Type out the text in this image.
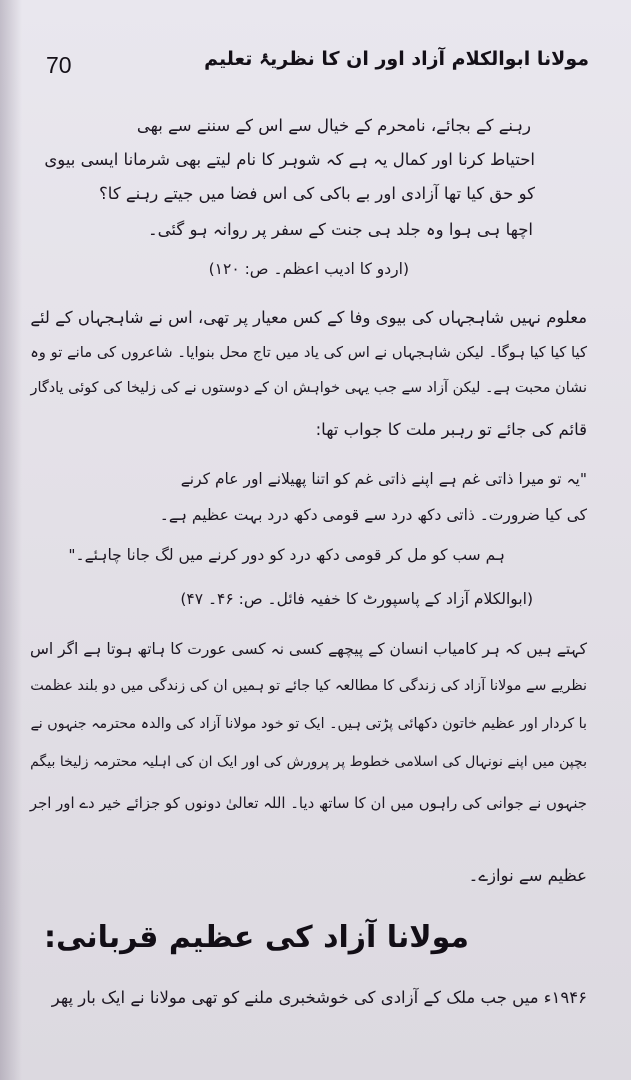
70	مولانا ابوالکلام آزاد اور ان کا نظریۂ تعلیم
رہنے کے بجائے، نامحرم کے خیال سے اس کے سننے سے بھی
احتیاط کرنا اور کمال یہ ہے کہ شوہر کا نام لیتے بھی شرمانا ایسی بیوی
کو حق کیا تھا آزادی اور بے باکی کی اس فضا میں جیتے رہنے کا؟
اچھا ہی ہوا وہ جلد ہی جنت کے سفر پر روانہ ہو گئی۔
(اردو کا ادیب اعظم۔ ص: ۱۲۰)
معلوم نہیں شاہجہاں کی بیوی وفا کے کس معیار پر تھی، اس نے شاہجہاں کے لئے
کیا کیا کیا ہوگا۔ لیکن شاہجہاں نے اس کی یاد میں تاج محل بنوایا۔ شاعروں کی مانے تو وہ
نشان محبت ہے۔ لیکن آزاد سے جب یہی خواہش ان کے دوستوں نے کی زلیخا کی کوئی یادگار
قائم کی جائے تو رہبر ملت کا جواب تھا:
"یہ تو میرا ذاتی غم ہے اپنے ذاتی غم کو اتنا پھیلانے اور عام کرنے
کی کیا ضرورت۔ ذاتی دکھ درد سے قومی دکھ درد بہت عظیم ہے۔
ہم سب کو مل کر قومی دکھ درد کو دور کرنے میں لگ جانا چاہئے۔"
(ابوالکلام آزاد کے پاسپورٹ کا خفیہ فائل۔ ص: ۴۶۔ ۴۷)
کہتے ہیں کہ ہر کامیاب انسان کے پیچھے کسی نہ کسی عورت کا ہاتھ ہوتا ہے اگر اس
نظریے سے مولانا آزاد کی زندگی کا مطالعہ کیا جائے تو ہمیں ان کی زندگی میں دو بلند عظمت
با کردار اور عظیم خاتون دکھائی پڑتی ہیں۔ ایک تو خود مولانا آزاد کی والدہ محترمہ جنہوں نے
بچپن میں اپنے نونہال کی اسلامی خطوط پر پرورش کی اور ایک ان کی اہلیہ محترمہ زلیخا بیگم
جنہوں نے جوانی کی راہوں میں ان کا ساتھ دیا۔ اللہ تعالیٰ دونوں کو جزائے خیر دے اور اجر
عظیم سے نوازے۔
مولانا آزاد کی عظیم قربانی:
۱۹۴۶ء میں جب ملک کے آزادی کی خوشخبری ملنے کو تھی مولانا نے ایک بار پھر
